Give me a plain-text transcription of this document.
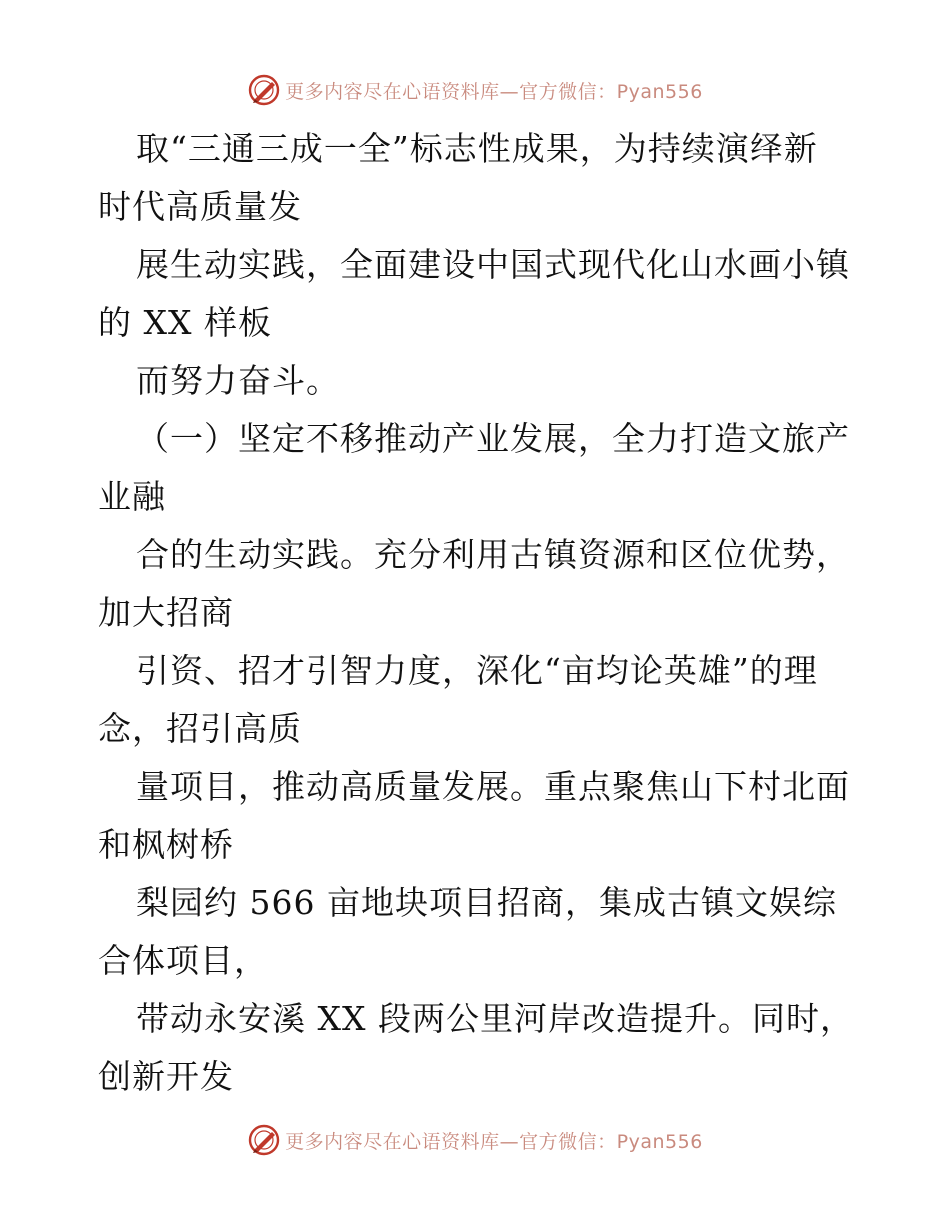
更多内容尽在心语资料库—官方微信：Pyan556
取“三通三成一全”标志性成果，为持续演绎新
时代高质量发
展生动实践，全面建设中国式现代化山水画小镇
的 XX 样板
而努力奋斗。
（一）坚定不移推动产业发展，全力打造文旅产
业融
合的生动实践。充分利用古镇资源和区位优势，
加大招商
引资、招才引智力度，深化“亩均论英雄”的理
念，招引高质
量项目，推动高质量发展。重点聚焦山下村北面
和枫树桥
梨园约 566 亩地块项目招商，集成古镇文娱综
合体项目，
带动永安溪 XX 段两公里河岸改造提升。同时，
创新开发
更多内容尽在心语资料库—官方微信：Pyan556
